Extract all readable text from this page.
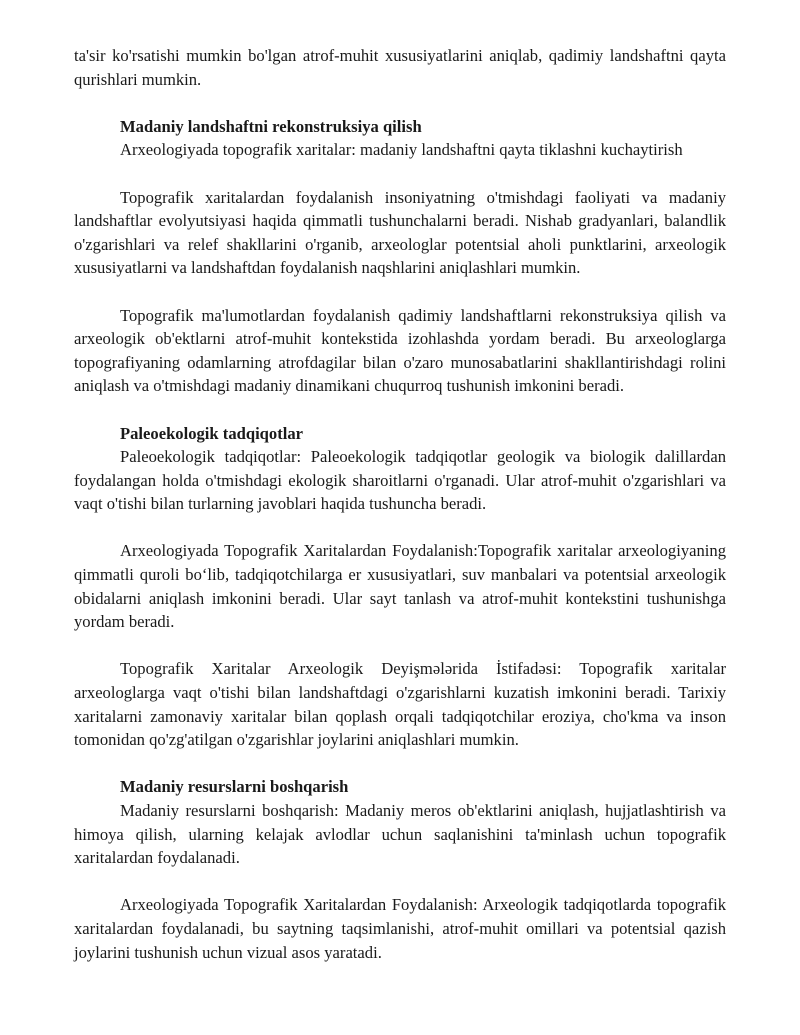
ta'sir ko'rsatishi mumkin bo'lgan atrof-muhit xususiyatlarini aniqlab, qadimiy landshaftni qayta qurishlari mumkin.

Madaniy landshaftni rekonstruksiya qilish

Arxeologiyada topografik xaritalar: madaniy landshaftni qayta tiklashni kuchaytirish

Topografik xaritalardan foydalanish insoniyatning o'tmishdagi faoliyati va madaniy landshaftlar evolyutsiyasi haqida qimmatli tushunchalarni beradi. Nishab gradyanlari, balandlik o'zgarishlari va relef shakllarini o'rganib, arxeologlar potentsial aholi punktlarini, arxeologik xususiyatlarni va landshaftdan foydalanish naqshlarini aniqlashlari mumkin.

Topografik ma'lumotlardan foydalanish qadimiy landshaftlarni rekonstruksiya qilish va arxeologik ob'ektlarni atrof-muhit kontekstida izohlashda yordam beradi. Bu arxeologlarga topografiyaning odamlarning atrofdagilar bilan o'zaro munosabatlarini shakllantirishdagi rolini aniqlash va o'tmishdagi madaniy dinamikani chuqurroq tushunish imkonini beradi.

Paleoekologik tadqiqotlar

Paleoekologik tadqiqotlar: Paleoekologik tadqiqotlar geologik va biologik dalillardan foydalangan holda o'tmishdagi ekologik sharoitlarni o'rganadi. Ular atrof-muhit o'zgarishlari va vaqt o'tishi bilan turlarning javoblari haqida tushuncha beradi.

Arxeologiyada Topografik Xaritalardan Foydalanish:Topografik xaritalar arxeologiyaning qimmatli quroli bo‘lib, tadqiqotchilarga er xususiyatlari, suv manbalari va potentsial arxeologik obidalarni aniqlash imkonini beradi. Ular sayt tanlash va atrof-muhit kontekstini tushunishga yordam beradi.

Topografik Xaritalar Arxeologik Deyişmələrida İstifadəsi: Topografik xaritalar arxeologlarga vaqt o'tishi bilan landshaftdagi o'zgarishlarni kuzatish imkonini beradi. Tarixiy xaritalarni zamonaviy xaritalar bilan qoplash orqali tadqiqotchilar eroziya, cho'kma va inson tomonidan qo'zg'atilgan o'zgarishlar joylarini aniqlashlari mumkin.

Madaniy resurslarni boshqarish

Madaniy resurslarni boshqarish: Madaniy meros ob'ektlarini aniqlash, hujjatlashtirish va himoya qilish, ularning kelajak avlodlar uchun saqlanishini ta'minlash uchun topografik xaritalardan foydalanadi.

Arxeologiyada Topografik Xaritalardan Foydalanish: Arxeologik tadqiqotlarda topografik xaritalardan foydalanadi, bu saytning taqsimlanishi, atrof-muhit omillari va potentsial qazish joylarini tushunish uchun vizual asos yaratadi.
